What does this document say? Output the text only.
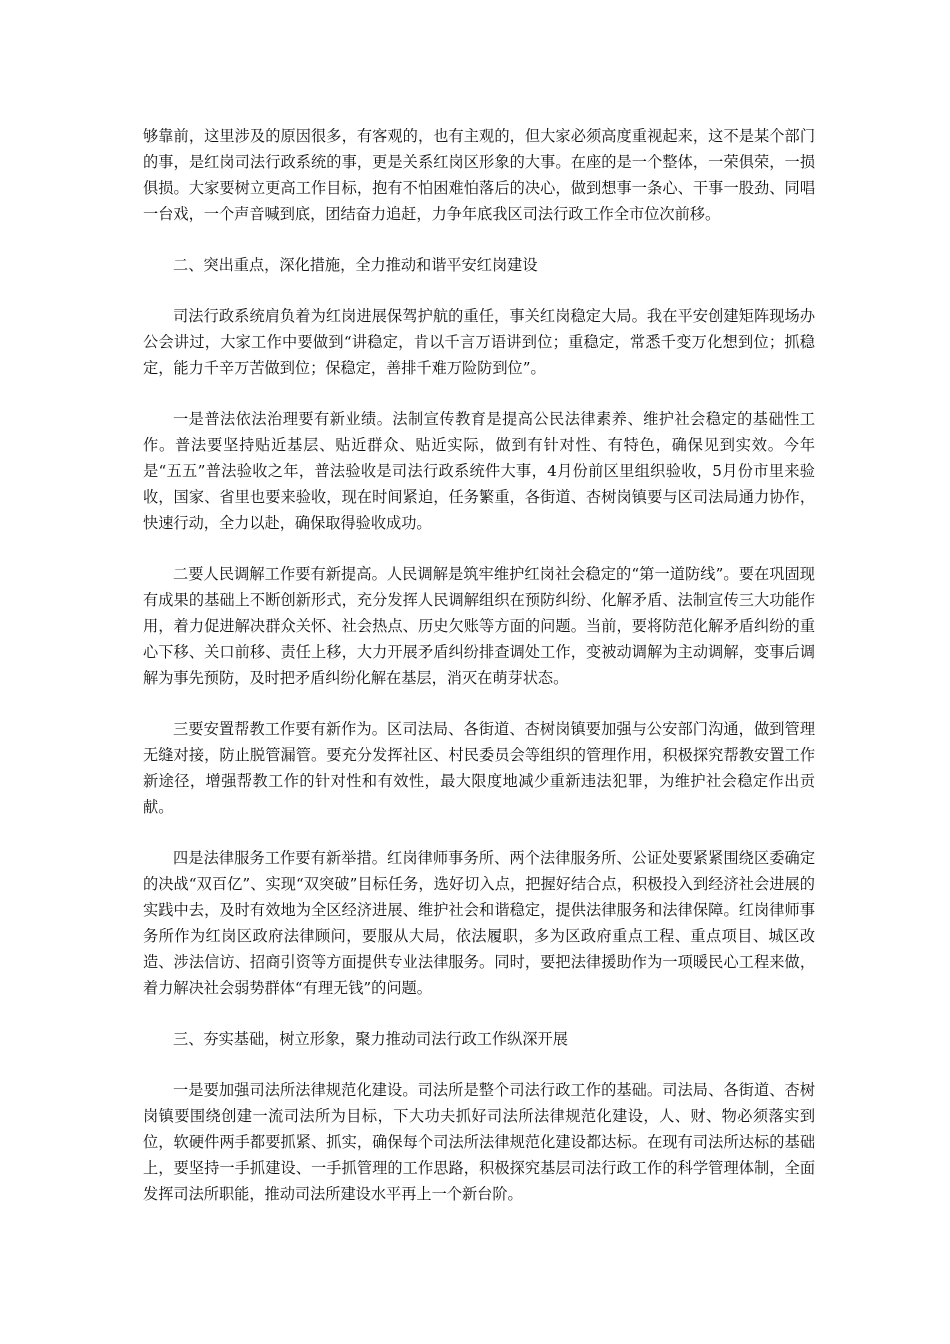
够靠前，这里涉及的原因很多，有客观的，也有主观的，但大家必须高度重视起来，这不是某个部门的事，是红岗司法行政系统的事，更是关系红岗区形象的大事。在座的是一个整体，一荣俱荣，一损俱损。大家要树立更高工作目标，抱有不怕困难怕落后的决心，做到想事一条心、干事一股劲、同唱一台戏，一个声音喊到底，团结奋力追赶，力争年底我区司法行政工作全市位次前移。

二、突出重点，深化措施，全力推动和谐平安红岗建设

司法行政系统肩负着为红岗进展保驾护航的重任，事关红岗稳定大局。我在平安创建矩阵现场办公会讲过，大家工作中要做到“讲稳定，肯以千言万语讲到位；重稳定，常悉千变万化想到位；抓稳定，能力千辛万苦做到位；保稳定，善排千难万险防到位”。

一是普法依法治理要有新业绩。法制宣传教育是提高公民法律素养、维护社会稳定的基础性工作。普法要坚持贴近基层、贴近群众、贴近实际，做到有针对性、有特色，确保见到实效。今年是“五五”普法验收之年，普法验收是司法行政系统件大事，4月份前区里组织验收，5月份市里来验收，国家、省里也要来验收，现在时间紧迫，任务繁重，各街道、杏树岗镇要与区司法局通力协作，快速行动，全力以赴，确保取得验收成功。

二要人民调解工作要有新提高。人民调解是筑牢维护红岗社会稳定的“第一道防线”。要在巩固现有成果的基础上不断创新形式，充分发挥人民调解组织在预防纠纷、化解矛盾、法制宣传三大功能作用，着力促进解决群众关怀、社会热点、历史欠账等方面的问题。当前，要将防范化解矛盾纠纷的重心下移、关口前移、责任上移，大力开展矛盾纠纷排查调处工作，变被动调解为主动调解，变事后调解为事先预防，及时把矛盾纠纷化解在基层，消灭在萌芽状态。

三要安置帮教工作要有新作为。区司法局、各街道、杏树岗镇要加强与公安部门沟通，做到管理无缝对接，防止脱管漏管。要充分发挥社区、村民委员会等组织的管理作用，积极探究帮教安置工作新途径，增强帮教工作的针对性和有效性，最大限度地减少重新违法犯罪，为维护社会稳定作出贡献。

四是法律服务工作要有新举措。红岗律师事务所、两个法律服务所、公证处要紧紧围绕区委确定的决战“双百亿”、实现“双突破”目标任务，选好切入点，把握好结合点，积极投入到经济社会进展的实践中去，及时有效地为全区经济进展、维护社会和谐稳定，提供法律服务和法律保障。红岗律师事务所作为红岗区政府法律顾问，要服从大局，依法履职，多为区政府重点工程、重点项目、城区改造、涉法信访、招商引资等方面提供专业法律服务。同时，要把法律援助作为一项暖民心工程来做，着力解决社会弱势群体“有理无钱”的问题。

三、夯实基础，树立形象，聚力推动司法行政工作纵深开展

一是要加强司法所法律规范化建设。司法所是整个司法行政工作的基础。司法局、各街道、杏树岗镇要围绕创建一流司法所为目标，下大功夫抓好司法所法律规范化建设，人、财、物必须落实到位，软硬件两手都要抓紧、抓实，确保每个司法所法律规范化建设都达标。在现有司法所达标的基础上，要坚持一手抓建设、一手抓管理的工作思路，积极探究基层司法行政工作的科学管理体制，全面发挥司法所职能，推动司法所建设水平再上一个新台阶。
